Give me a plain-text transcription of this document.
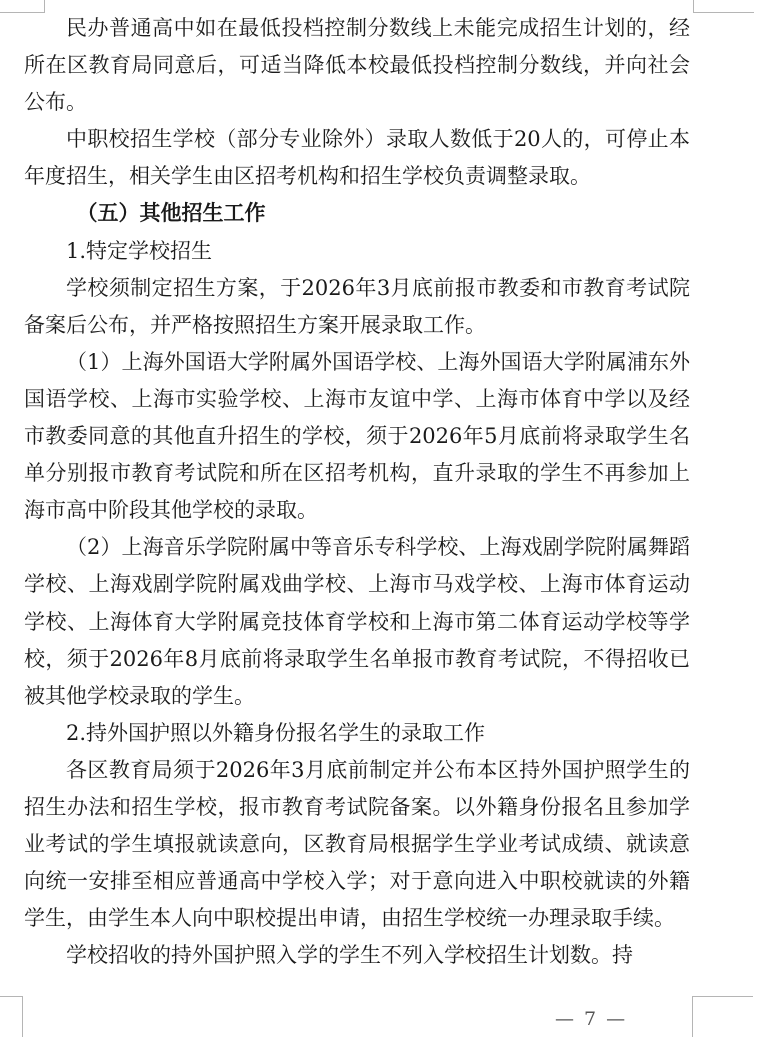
民办普通高中如在最低投档控制分数线上未能完成招生计划的，经所在区教育局同意后，可适当降低本校最低投档控制分数线，并向社会公布。

中职校招生学校（部分专业除外）录取人数低于20人的，可停止本年度招生，相关学生由区招考机构和招生学校负责调整录取。

（五）其他招生工作

1.特定学校招生

学校须制定招生方案，于2026年3月底前报市教委和市教育考试院备案后公布，并严格按照招生方案开展录取工作。

（1）上海外国语大学附属外国语学校、上海外国语大学附属浦东外国语学校、上海市实验学校、上海市友谊中学、上海市体育中学以及经市教委同意的其他直升招生的学校，须于2026年5月底前将录取学生名单分别报市教育考试院和所在区招考机构，直升录取的学生不再参加上海市高中阶段其他学校的录取。

（2）上海音乐学院附属中等音乐专科学校、上海戏剧学院附属舞蹈学校、上海戏剧学院附属戏曲学校、上海市马戏学校、上海市体育运动学校、上海体育大学附属竞技体育学校和上海市第二体育运动学校等学校，须于2026年8月底前将录取学生名单报市教育考试院，不得招收已被其他学校录取的学生。

2.持外国护照以外籍身份报名学生的录取工作

各区教育局须于2026年3月底前制定并公布本区持外国护照学生的招生办法和招生学校，报市教育考试院备案。以外籍身份报名且参加学业考试的学生填报就读意向，区教育局根据学生学业考试成绩、就读意向统一安排至相应普通高中学校入学；对于意向进入中职校就读的外籍学生，由学生本人向中职校提出申请，由招生学校统一办理录取手续。

学校招收的持外国护照入学的学生不列入学校招生计划数。持

— 7 —
